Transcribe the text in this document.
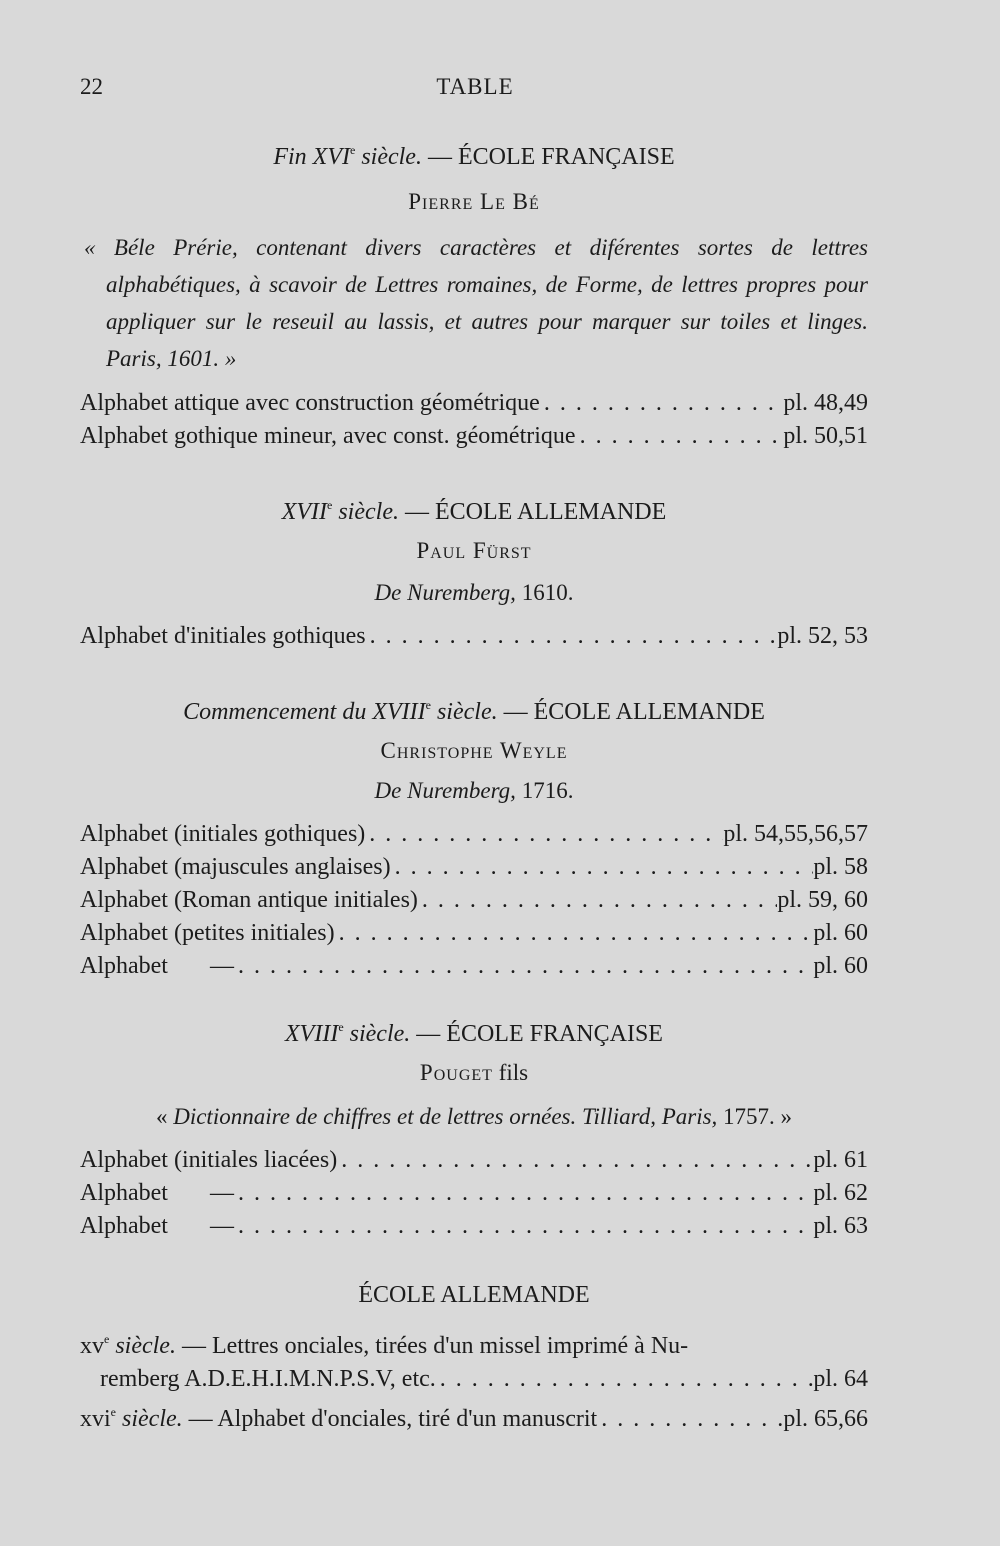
22	TABLE
Fin XVIe siècle. — ÉCOLE FRANÇAISE
Pierre Le Bé
« Béle Prérie, contenant divers caractères et diférentes sortes de lettres alphabétiques, à scavoir de Lettres romaines, de Forme, de lettres propres pour appliquer sur le reseuil au lassis, et autres pour marquer sur toiles et linges. Paris, 1601. »
Alphabet attique avec construction géométrique . . .	pl. 48,49
Alphabet gothique mineur, avec const. géométrique . . .	pl. 50,51
XVIIe siècle. — ÉCOLE ALLEMANDE
Paul Fürst
De Nuremberg, 1610.
Alphabet d'initiales gothiques . . .	pl. 52, 53
Commencement du XVIIIe siècle. — ÉCOLE ALLEMANDE
Christophe Weyle
De Nuremberg, 1716.
Alphabet (initiales gothiques) . . .	pl. 54,55,56,57
Alphabet (majuscules anglaises) . . .	pl. 58
Alphabet (Roman antique initiales) . . .	pl. 59, 60
Alphabet (petites initiales) . . .	pl. 60
Alphabet       — . . .	pl. 60
XVIIIe siècle. — ÉCOLE FRANÇAISE
Pouget fils
« Dictionnaire de chiffres et de lettres ornées. Tilliard, Paris, 1757. »
Alphabet (initiales liacées) . . .	pl. 61
Alphabet       — . . .	pl. 62
Alphabet       — . . .	pl. 63
ÉCOLE ALLEMANDE
$xv^e$ siècle. — Lettres onciales, tirées d'un missel imprimé à Nu-
remberg A.D.E.H.I.M.N.P.S.V, etc. . . .	pl. 64
xvi$^e$ siècle. — Alphabet d'onciales, tiré d'un manuscrit . . .	pl. 65,66
